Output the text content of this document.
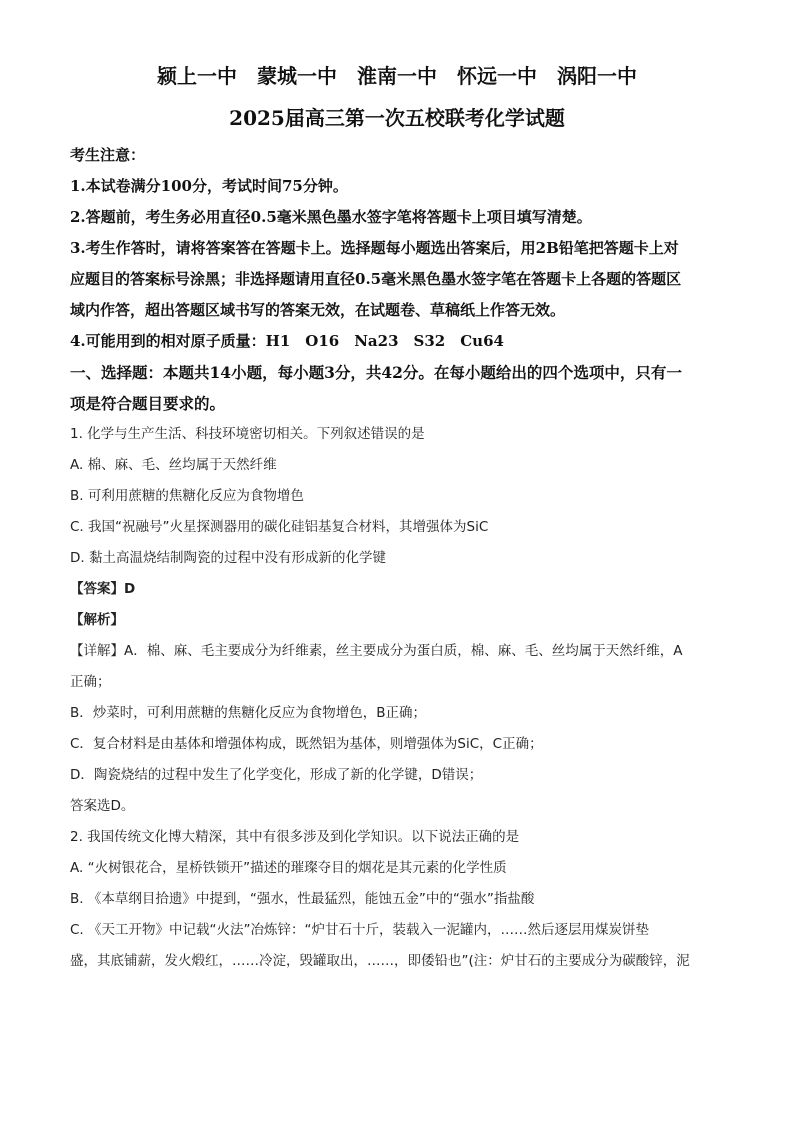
颍上一中　蒙城一中　淮南一中　怀远一中　涡阳一中
2025届高三第一次五校联考化学试题
考生注意：
1.本试卷满分100分，考试时间75分钟。
2.答题前，考生务必用直径0.5毫米黑色墨水签字笔将答题卡上项目填写清楚。
3.考生作答时，请将答案答在答题卡上。选择题每小题选出答案后，用2B铅笔把答题卡上对
应题目的答案标号涂黑；非选择题请用直径0.5毫米黑色墨水签字笔在答题卡上各题的答题区
域内作答，超出答题区域书写的答案无效，在试题卷、草稿纸上作答无效。
4.可能用到的相对原子质量：H1　O16　Na23　S32　Cu64
一、选择题：本题共14小题，每小题3分，共42分。在每小题给出的四个选项中，只有一
项是符合题目要求的。
1. 化学与生产生活、科技环境密切相关。下列叙述错误的是
A. 棉、麻、毛、丝均属于天然纤维
B. 可利用蔗糖的焦糖化反应为食物增色
C. 我国“祝融号”火星探测器用的碳化硅铝基复合材料，其增强体为SiC
D. 黏土高温烧结制陶瓷的过程中没有形成新的化学键
【答案】D
【解析】
【详解】A．棉、麻、毛主要成分为纤维素，丝主要成分为蛋白质，棉、麻、毛、丝均属于天然纤维，A
正确；
B．炒菜时，可利用蔗糖的焦糖化反应为食物增色，B正确；
C．复合材料是由基体和增强体构成，既然铝为基体，则增强体为SiC，C正确；
D．陶瓷烧结的过程中发生了化学变化，形成了新的化学键，D错误；
答案选D。
2. 我国传统文化博大精深，其中有很多涉及到化学知识。以下说法正确的是
A. “火树银花合，星桥铁锁开”描述的璀璨夺目的烟花是其元素的化学性质
B. 《本草纲目拾遗》中提到，“强水，性最猛烈，能蚀五金”中的“强水”指盐酸
C. 《天工开物》中记载“火法”冶炼锌：“炉甘石十斤，装载入一泥罐内，……然后逐层用煤炭饼垫
盛，其底铺薪，发火煅红，……冷淀，毁罐取出，……，即倭铅也”(注：炉甘石的主要成分为碳酸锌，泥
